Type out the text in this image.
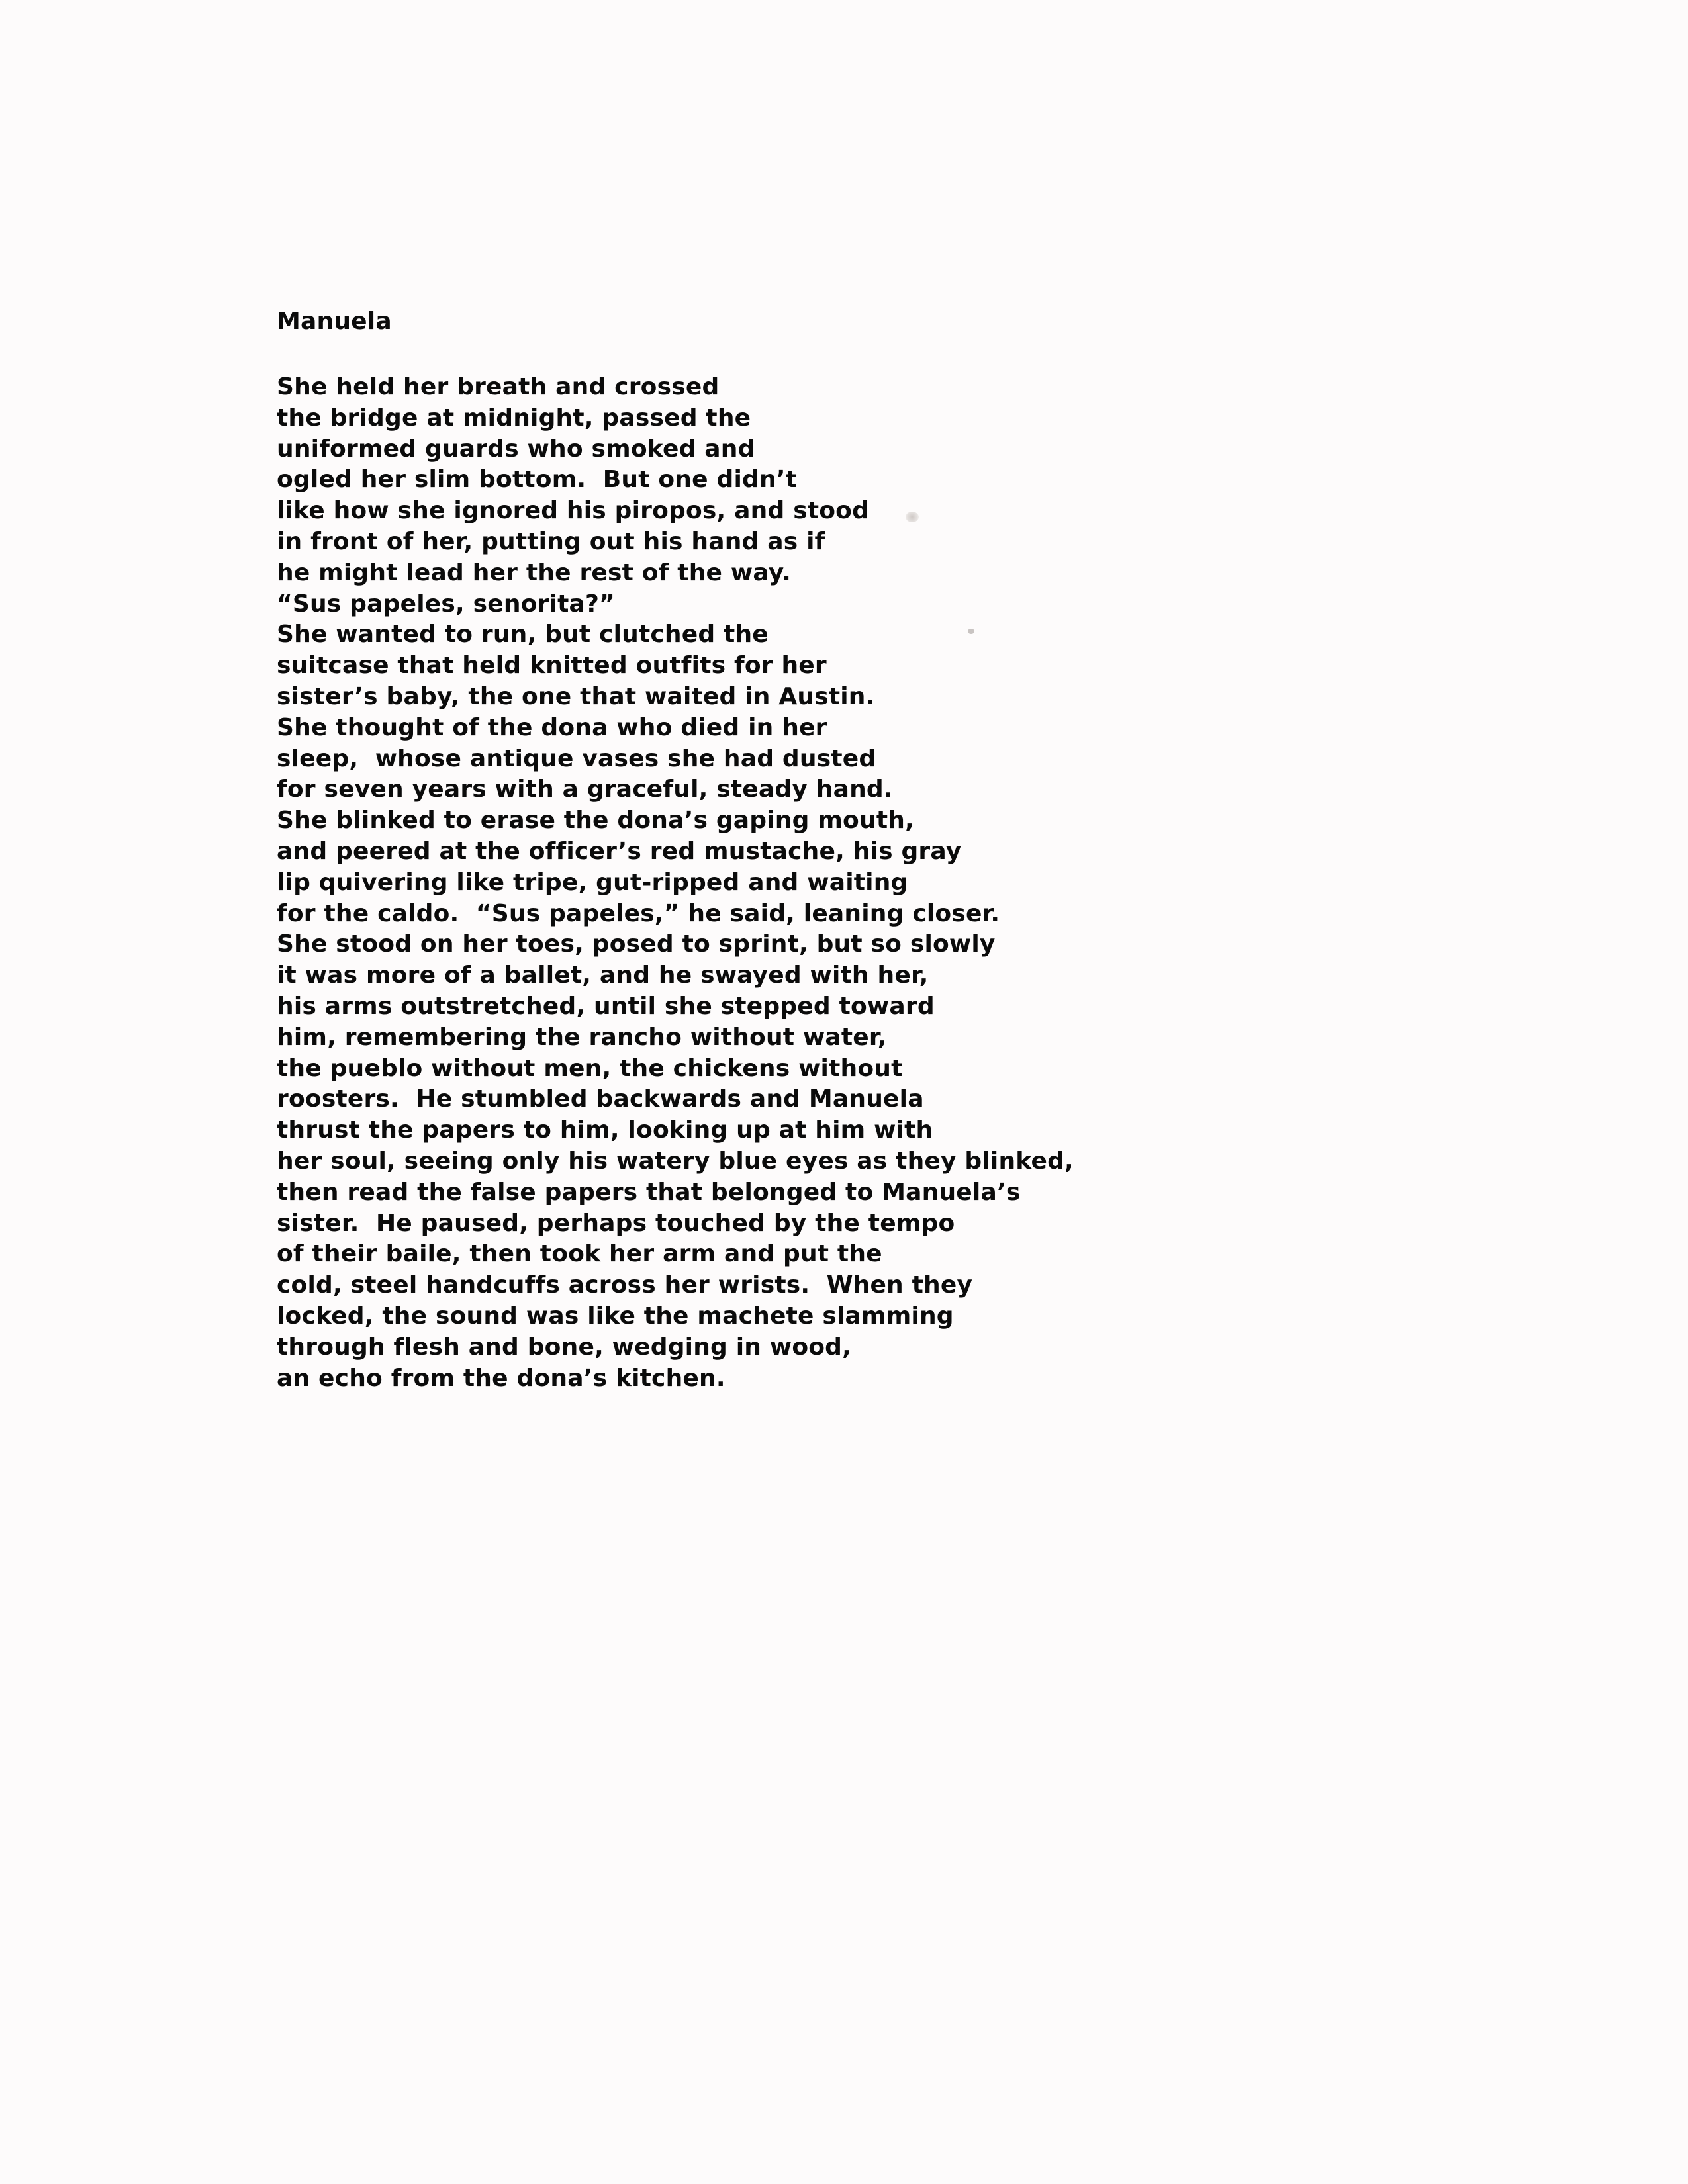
Manuela
She held her breath and crossed
the bridge at midnight, passed the
uniformed guards who smoked and
ogled her slim bottom.  But one didn’t
like how she ignored his piropos, and stood
in front of her, putting out his hand as if
he might lead her the rest of the way.
“Sus papeles, senorita?”
She wanted to run, but clutched the
suitcase that held knitted outfits for her
sister’s baby, the one that waited in Austin.
She thought of the dona who died in her
sleep,  whose antique vases she had dusted
for seven years with a graceful, steady hand.
She blinked to erase the dona’s gaping mouth,
and peered at the officer’s red mustache, his gray
lip quivering like tripe, gut-ripped and waiting
for the caldo.  “Sus papeles,” he said, leaning closer.
She stood on her toes, posed to sprint, but so slowly
it was more of a ballet, and he swayed with her,
his arms outstretched, until she stepped toward
him, remembering the rancho without water,
the pueblo without men, the chickens without
roosters.  He stumbled backwards and Manuela
thrust the papers to him, looking up at him with
her soul, seeing only his watery blue eyes as they blinked,
then read the false papers that belonged to Manuela’s
sister.  He paused, perhaps touched by the tempo
of their baile, then took her arm and put the
cold, steel handcuffs across her wrists.  When they
locked, the sound was like the machete slamming
through flesh and bone, wedging in wood,
an echo from the dona’s kitchen.
